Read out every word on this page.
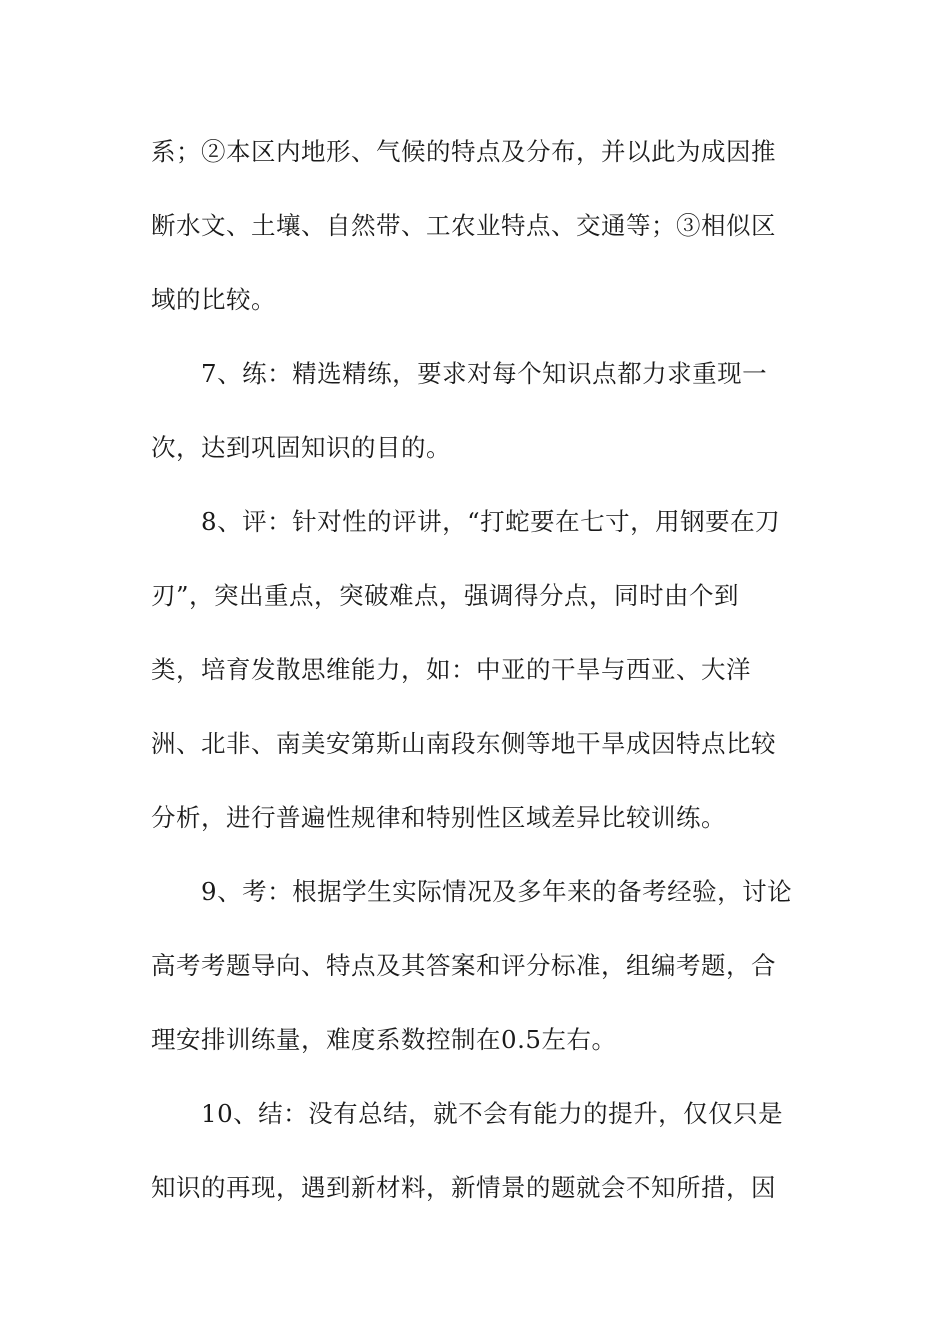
系；②本区内地形、气候的特点及分布，并以此为成因推
断水文、土壤、自然带、工农业特点、交通等；③相似区
域的比较。
7、练：精选精练，要求对每个知识点都力求重现一
次，达到巩固知识的目的。
8、评：针对性的评讲，“打蛇要在七寸，用钢要在刀
刃”，突出重点，突破难点，强调得分点，同时由个到
类，培育发散思维能力，如：中亚的干旱与西亚、大洋
洲、北非、南美安第斯山南段东侧等地干旱成因特点比较
分析，进行普遍性规律和特别性区域差异比较训练。
9、考：根据学生实际情况及多年来的备考经验，讨论
高考考题导向、特点及其答案和评分标准，组编考题，合
理安排训练量，难度系数控制在0.5左右。
10、结：没有总结，就不会有能力的提升，仅仅只是
知识的再现，遇到新材料，新情景的题就会不知所措，因
